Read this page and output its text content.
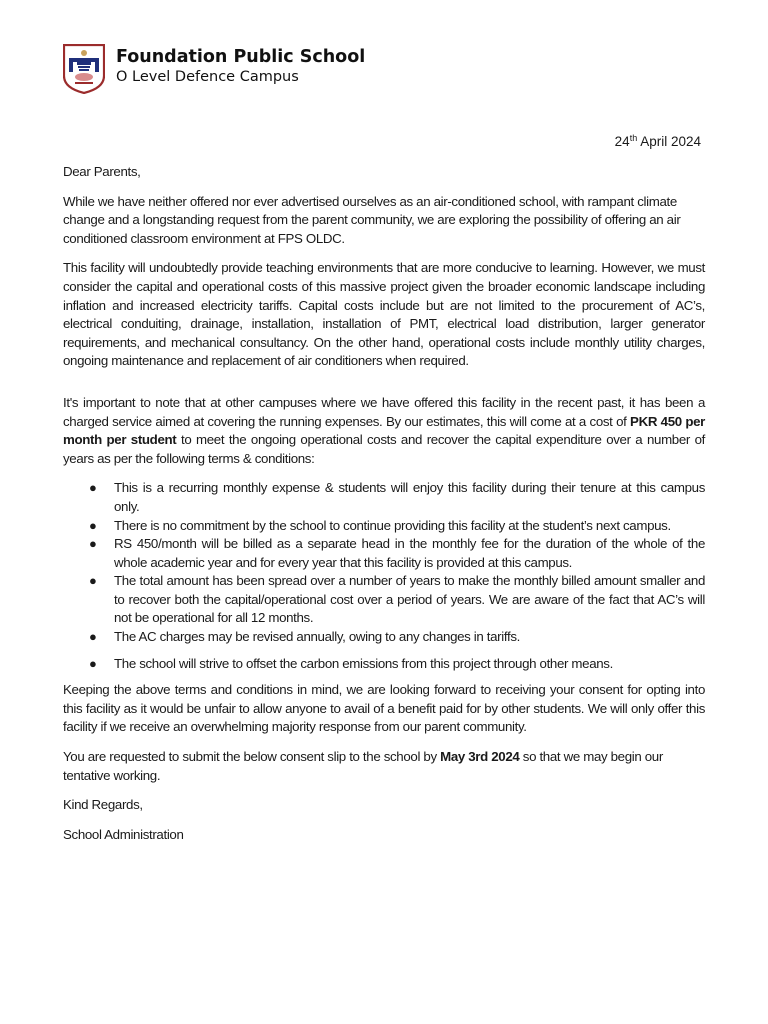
Foundation Public School
O Level Defence Campus
24th April 2024

Dear Parents,

While we have neither offered nor ever advertised ourselves as an air-conditioned school, with rampant climate change and a longstanding request from the parent community, we are exploring the possibility of offering an air conditioned classroom environment at FPS OLDC.

This facility will undoubtedly provide teaching environments that are more conducive to learning. However, we must consider the capital and operational costs of this massive project given the broader economic landscape including inflation and increased electricity tariffs. Capital costs include but are not limited to the procurement of AC’s, electrical conduiting, drainage, installation, installation of PMT, electrical load distribution, larger generator requirements, and mechanical consultancy. On the other hand, operational costs include monthly utility charges, ongoing maintenance and replacement of air conditioners when required.

It's important to note that at other campuses where we have offered this facility in the recent past, it has been a charged service aimed at covering the running expenses. By our estimates, this will come at a cost of PKR 450 per month per student to meet the ongoing operational costs and recover the capital expenditure over a number of years as per the following terms & conditions:

● This is a recurring monthly expense & students will enjoy this facility during their tenure at this campus only.
● There is no commitment by the school to continue providing this facility at the student’s next campus.
● RS 450/month will be billed as a separate head in the monthly fee for the duration of the whole of the whole academic year and for every year that this facility is provided at this campus.
● The total amount has been spread over a number of years to make the monthly billed amount smaller and to recover both the capital/operational cost over a period of years. We are aware of the fact that AC’s will not be operational for all 12 months.
● The AC charges may be revised annually, owing to any changes in tariffs.
● The school will strive to offset the carbon emissions from this project through other means.

Keeping the above terms and conditions in mind, we are looking forward to receiving your consent for opting into this facility as it would be unfair to allow anyone to avail of a benefit paid for by other students. We will only offer this facility if we receive an overwhelming majority response from our parent community.

You are requested to submit the below consent slip to the school by May 3rd 2024 so that we may begin our tentative working.

Kind Regards,

School Administration
